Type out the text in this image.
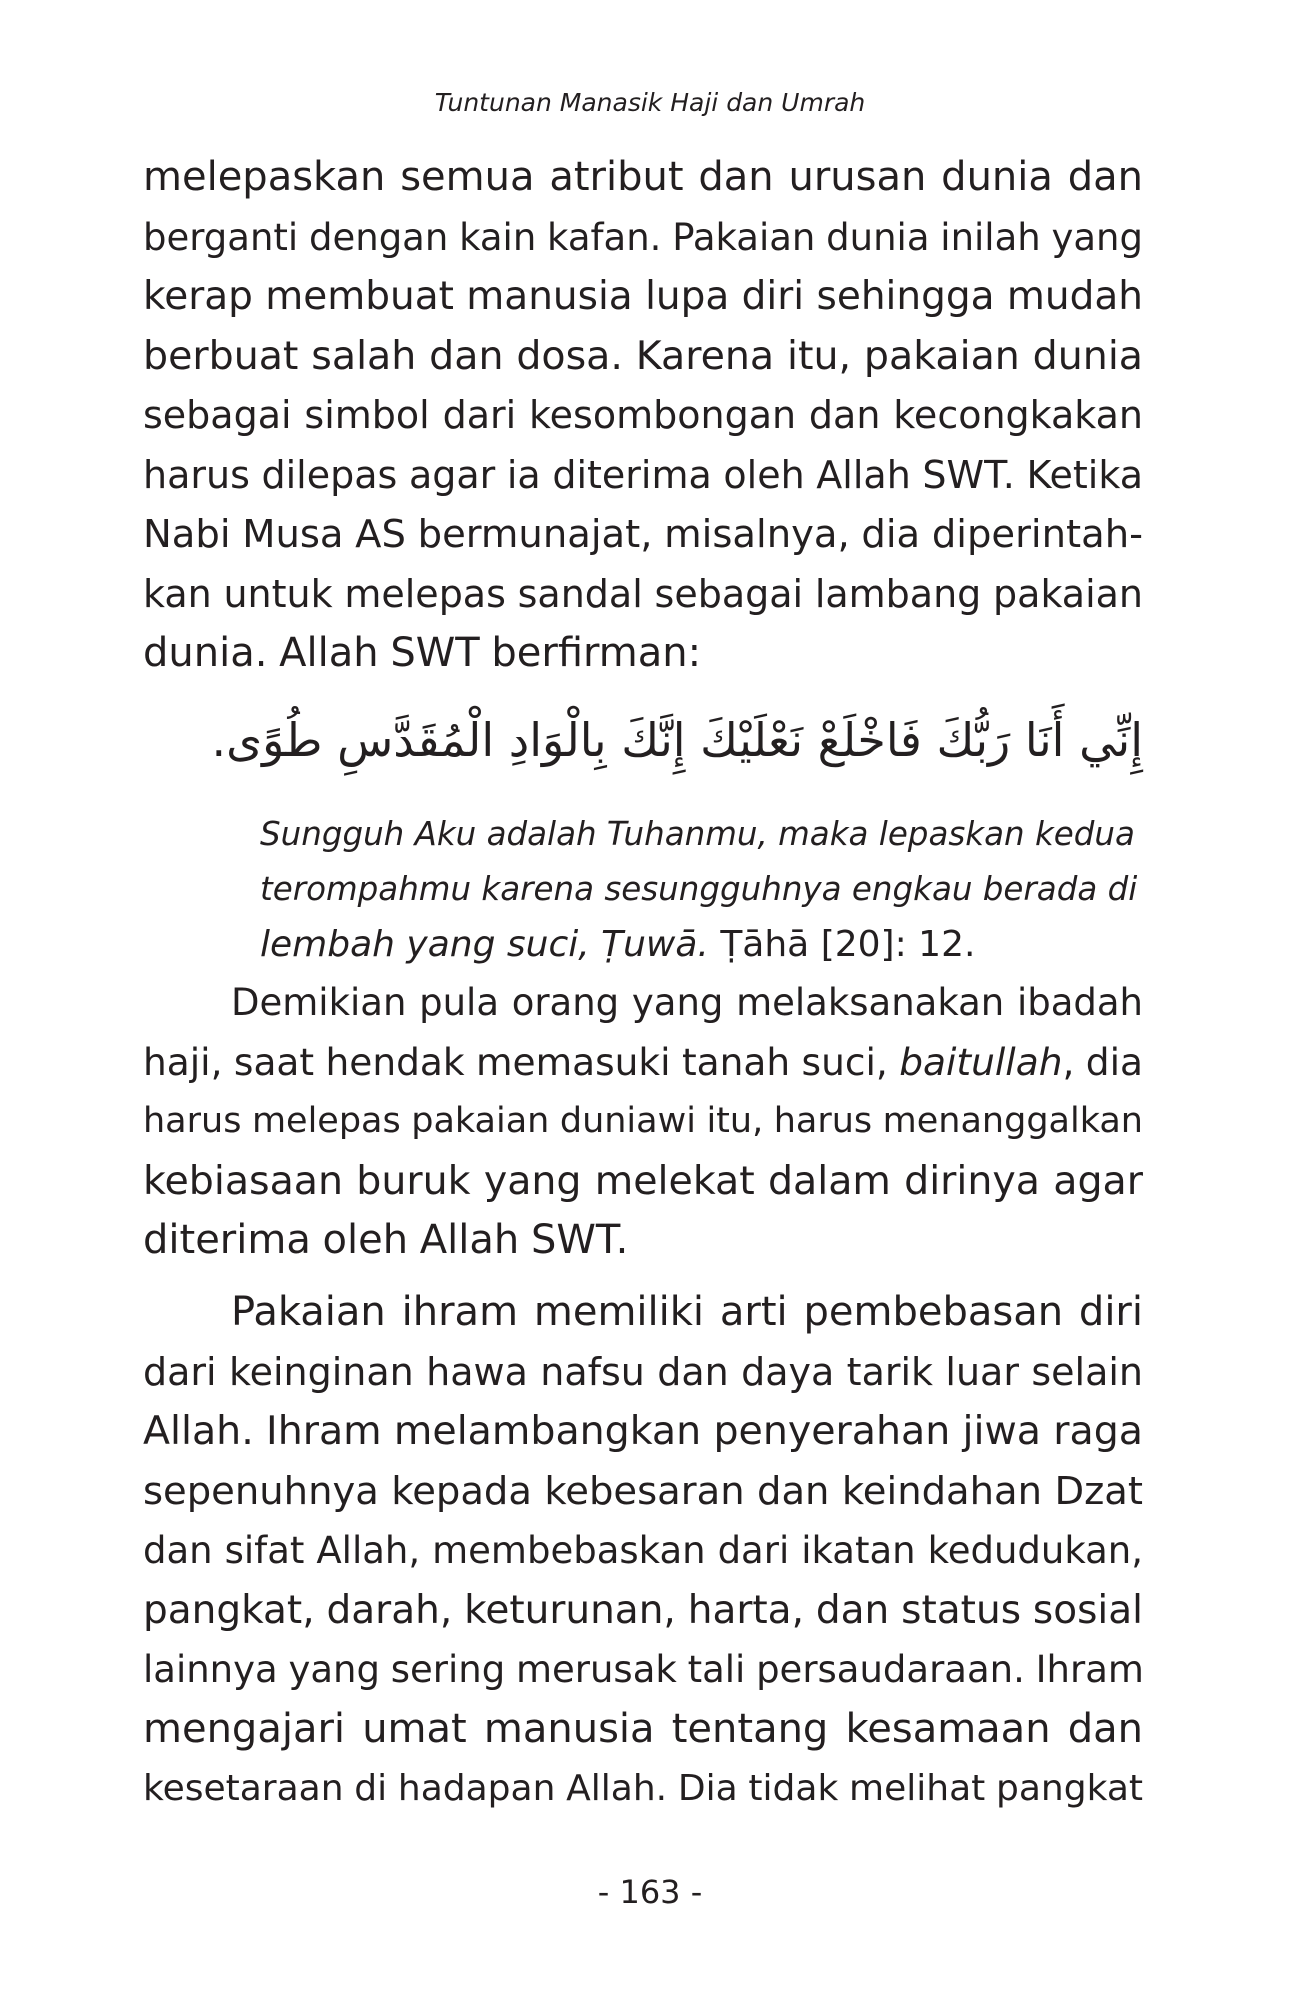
Tuntunan Manasik Haji dan Umrah

melepaskan semua atribut dan urusan dunia dan
berganti dengan kain kafan. Pakaian dunia inilah yang
kerap membuat manusia lupa diri sehingga mudah
berbuat salah dan dosa. Karena itu, pakaian dunia
sebagai simbol dari kesombongan dan kecongkakan
harus dilepas agar ia diterima oleh Allah SWT. Ketika
Nabi Musa AS bermunajat, misalnya, dia diperintah-
kan untuk melepas sandal sebagai lambang pakaian
dunia. Allah SWT berfirman:

إِنِّي أَنَا رَبُّكَ فَاخْلَعْ نَعْلَيْكَ إِنَّكَ بِالْوَادِ الْمُقَدَّسِ طُوًى.
Sungguh Aku adalah Tuhanmu, maka lepaskan kedua
terompahmu karena sesungguhnya engkau berada di
lembah yang suci, Ṭuwā. Ṭāhā [20]: 12.

Demikian pula orang yang melaksanakan ibadah
haji, saat hendak memasuki tanah suci, baitullah, dia
harus melepas pakaian duniawi itu, harus menanggalkan
kebiasaan buruk yang melekat dalam dirinya agar
diterima oleh Allah SWT.

Pakaian ihram memiliki arti pembebasan diri
dari keinginan hawa nafsu dan daya tarik luar selain
Allah. Ihram melambangkan penyerahan jiwa raga
sepenuhnya kepada kebesaran dan keindahan Dzat
dan sifat Allah, membebaskan dari ikatan kedudukan,
pangkat, darah, keturunan, harta, dan status sosial
lainnya yang sering merusak tali persaudaraan. Ihram
mengajari umat manusia tentang kesamaan dan
kesetaraan di hadapan Allah. Dia tidak melihat pangkat

- 163 -
